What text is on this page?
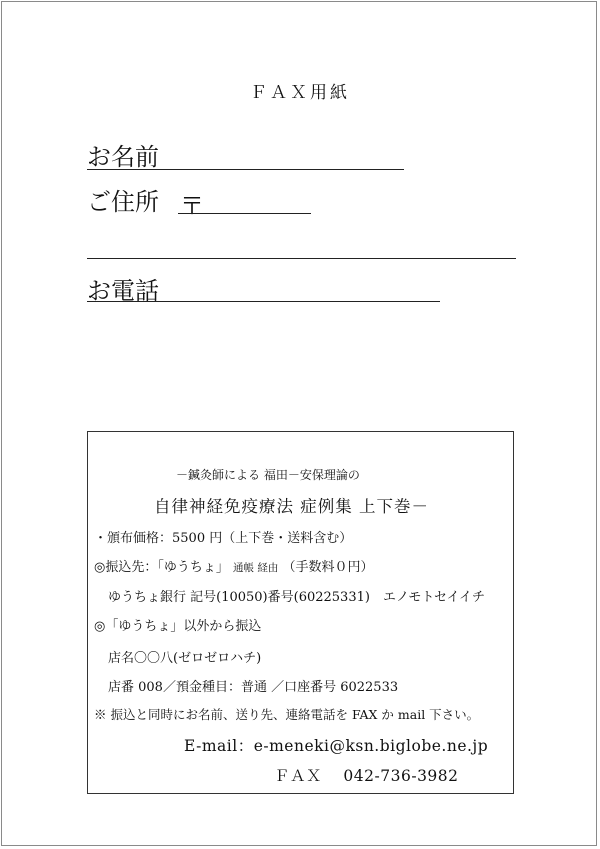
ＦＡＸ用紙
お名前
ご住所 〒
お電話
－鍼灸師による 福田－安保理論の
自律神経免疫療法 症例集 上下巻－
・頒布価格：5500 円（上下巻・送料含む）
◎振込先：「ゆうちょ」 通帳 経由 （手数料０円）
ゆうちょ銀行 記号(10050)番号(60225331)　エノモトセイイチ
◎「ゆうちょ」以外から振込
店名〇〇八(ゼロゼロハチ)
店番 008／預金種目：普通 ／口座番号 6022533
※ 振込と同時にお名前、送り先、連絡電話を FAX か mail 下さい。
E-mail：e-meneki@ksn.biglobe.ne.jp
ＦＡＸ　 042-736-3982
